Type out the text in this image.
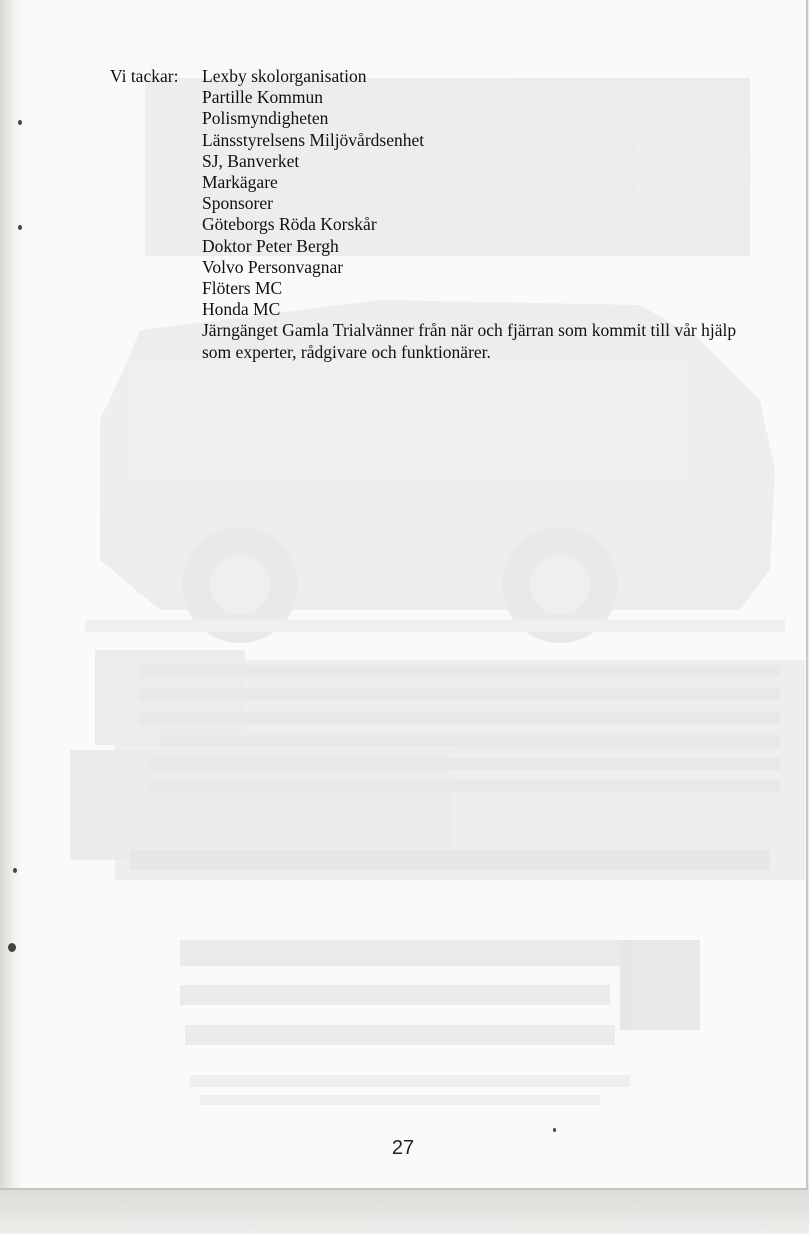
Vi tackar: Lexby skolorganisation
Partille Kommun
Polismyndigheten
Länsstyrelsens Miljövårdsenhet
SJ, Banverket
Markägare
Sponsorer
Göteborgs Röda Korskår
Doktor Peter Bergh
Volvo Personvagnar
Flöters MC
Honda MC
Järngänget Gamla Trialvänner från när och fjärran som kommit till vår hjälp som experter, rådgivare och funktionärer.
27
